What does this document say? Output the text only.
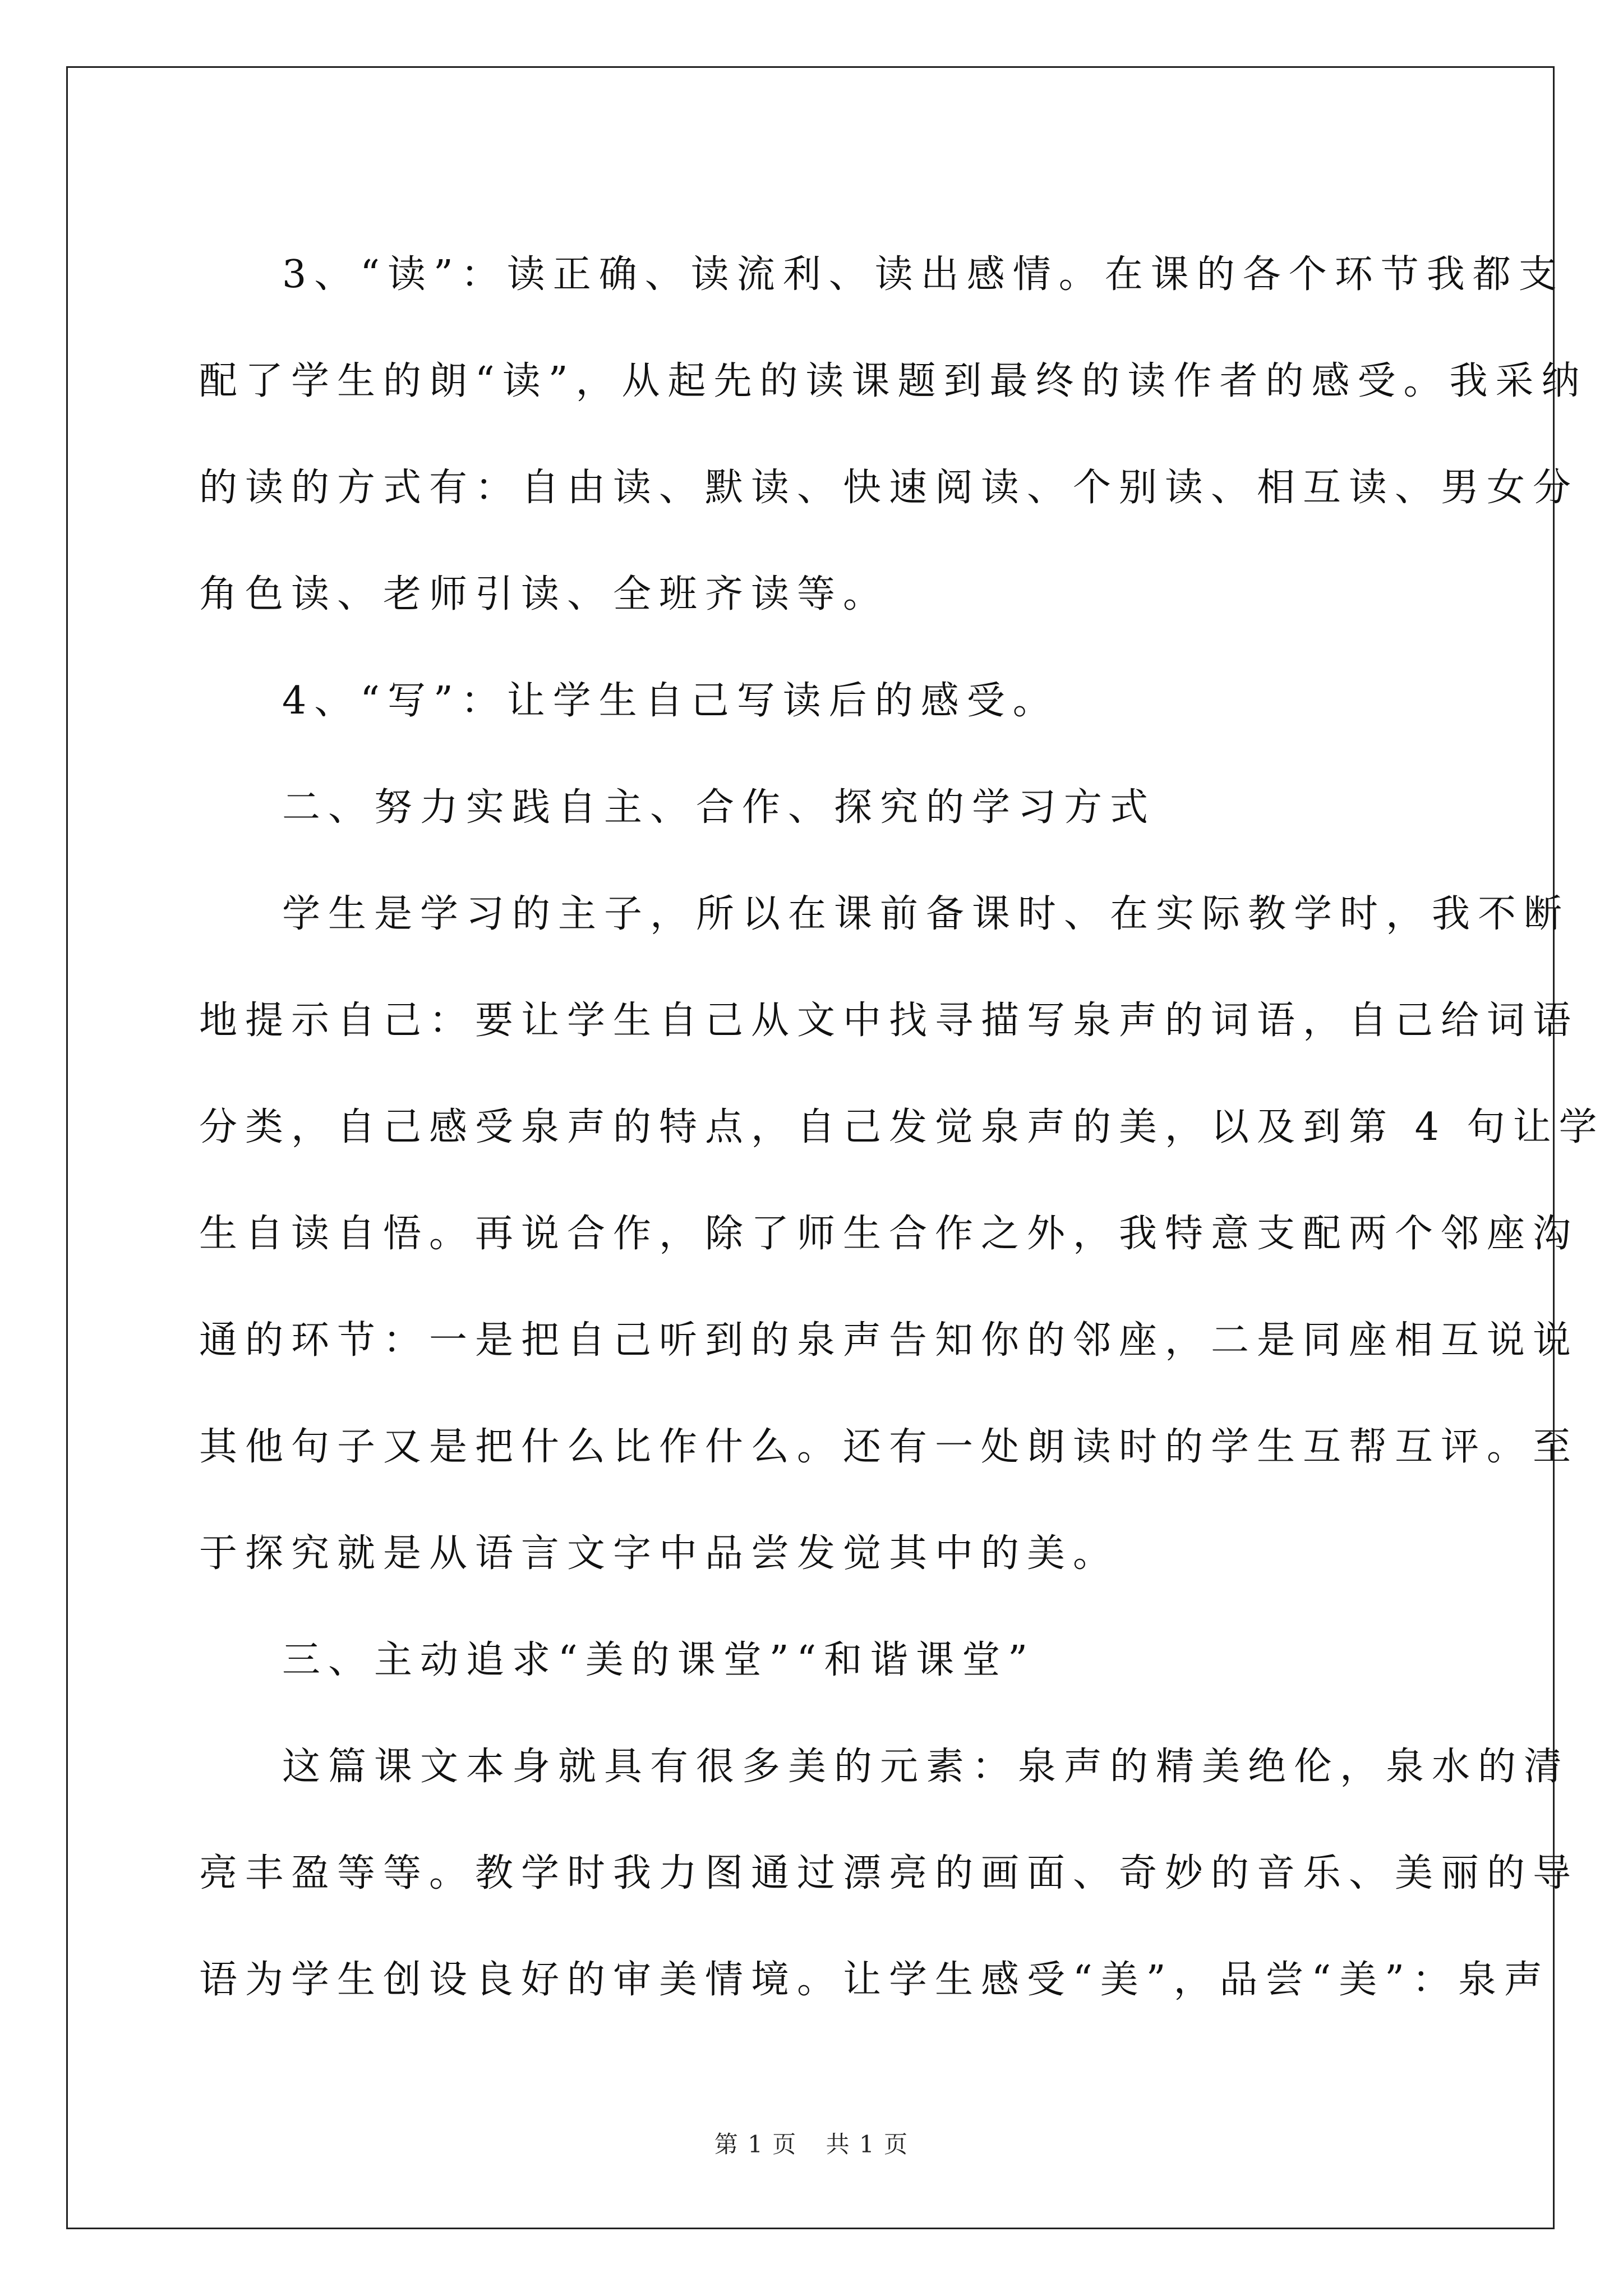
3、“读”：读正确、读流利、读出感情。在课的各个环节我都支
配了学生的朗“读”，从起先的读课题到最终的读作者的感受。我采纳
的读的方式有：自由读、默读、快速阅读、个别读、相互读、男女分
角色读、老师引读、全班齐读等。
4、“写”：让学生自己写读后的感受。
二、努力实践自主、合作、探究的学习方式
学生是学习的主子，所以在课前备课时、在实际教学时，我不断
地提示自己：要让学生自己从文中找寻描写泉声的词语，自己给词语
分类，自己感受泉声的特点，自己发觉泉声的美，以及到第 4 句让学
生自读自悟。再说合作，除了师生合作之外，我特意支配两个邻座沟
通的环节：一是把自己听到的泉声告知你的邻座，二是同座相互说说
其他句子又是把什么比作什么。还有一处朗读时的学生互帮互评。至
于探究就是从语言文字中品尝发觉其中的美。
三、主动追求“美的课堂”“和谐课堂”
这篇课文本身就具有很多美的元素：泉声的精美绝伦，泉水的清
亮丰盈等等。教学时我力图通过漂亮的画面、奇妙的音乐、美丽的导
语为学生创设良好的审美情境。让学生感受“美”，品尝“美”：泉声
第 1 页 共 1 页
